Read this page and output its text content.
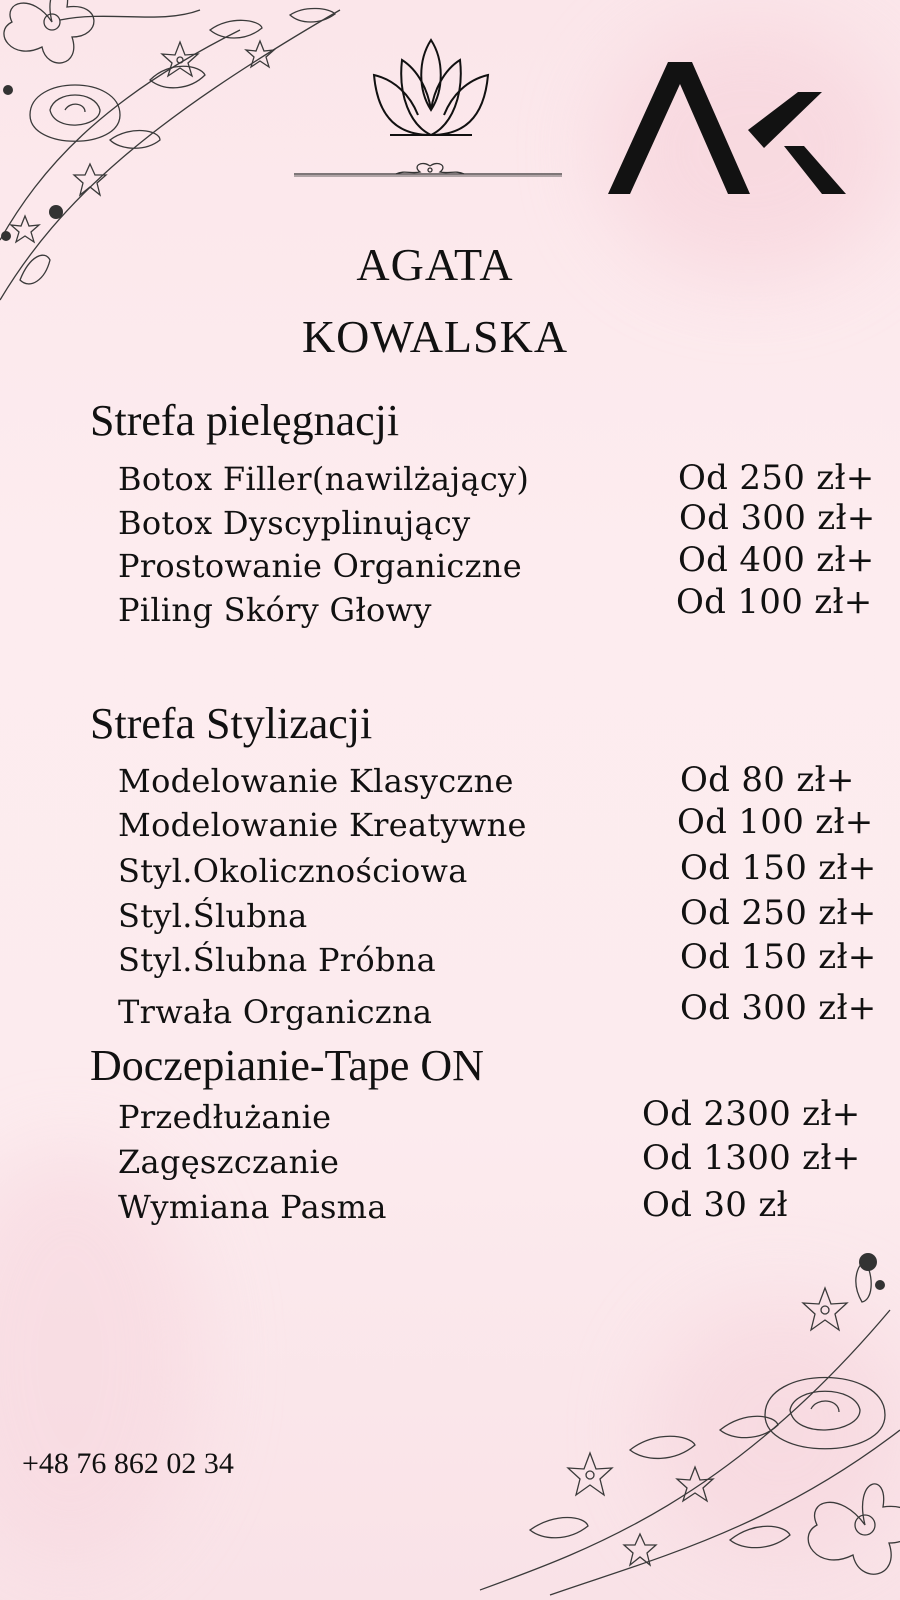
AGATA
KOWALSKA
Strefa pielęgnacji
Botox Filler(nawilżający)	Od 250 zł+
Botox Dyscyplinujący	Od 300 zł+
Prostowanie Organiczne	Od 400 zł+
Piling Skóry Głowy	Od 100 zł+
Strefa Stylizacji
Modelowanie Klasyczne	Od 80 zł+
Modelowanie Kreatywne	Od 100 zł+
Styl.Okolicznościowa	Od 150 zł+
Styl.Ślubna	Od 250 zł+
Styl.Ślubna Próbna	Od 150 zł+
Trwała Organiczna	Od 300 zł+
Doczepianie-Tape ON
Przedłużanie	Od 2300 zł+
Zagęszczanie	Od 1300 zł+
Wymiana Pasma	Od 30 zł
+48 76 862 02 34
